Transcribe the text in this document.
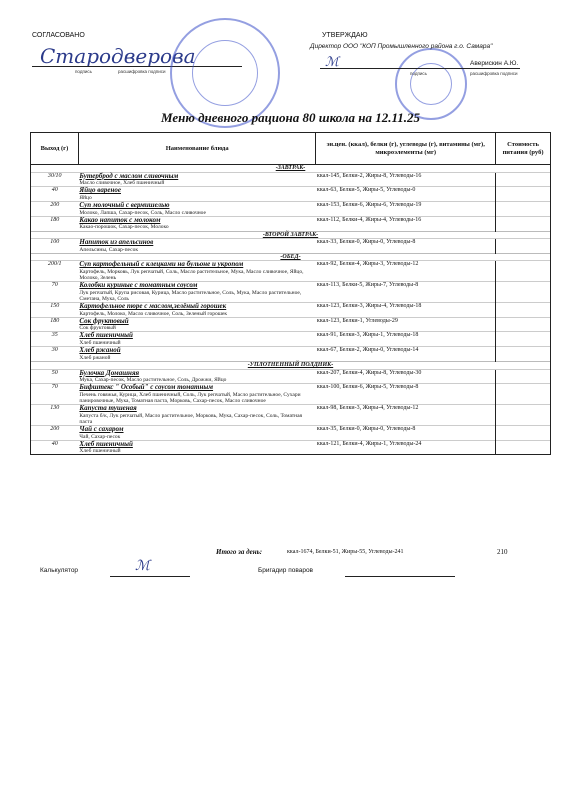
СОГЛАСОВАНО
Стародверова
подпись	расшифровка подписи
УТВЕРЖДАЮ
Директор ООО "КОП Промышленного района г.о. Самара"
ℳ	Аверискин А.Ю.
подпись	расшифровка подписи
Меню дневного рациона 80 школа на 12.11.25
Выход (г)	Наименование блюда	эн.цен. (ккал), белки (г), углеводы (г), витамины (мг), микроэлементы (мг)	Стоимость питания (руб)
-ЗАВТРАК-			
30/10	Бутерброд с маслом сливочным
Масло сливочное, Хлеб пшеничный	ккал-145, Белки-2, Жиры-8, Углеводы-16	
40	Яйцо вареное
Яйцо	ккал-63, Белки-5, Жиры-5, Углеводы-0	
200	Суп молочный с вермишелью
Молоко, Лапша, Сахар-песок, Соль, Масло сливочное	ккал-153, Белки-6, Жиры-6, Углеводы-19	
180	Какао напиток с молоком
Какао-порошок, Сахар-песок, Молоко	ккал-112, Белки-4, Жиры-4, Углеводы-16	
-ВТОРОЙ ЗАВТРАК-			
100	Напиток из апельсинов
Апельсины, Сахар-песок	ккал-33, Белки-0, Жиры-0, Углеводы-8	
-ОБЕД-			
200/1	Суп картофельный с клецками на бульоне и укропом
Картофель, Морковь, Лук репчатый, Соль, Масло растительное, Мука, Масло сливочное, Яйцо, Молоко, Зелень	ккал-92, Белки-4, Жиры-3, Углеводы-12	
70	Колобки куриные с томатным соусом
Лук репчатый, Крупа рисовая, Курица, Масло растительное, Соль, Мука, Масло растительное, Сметана, Мука, Соль	ккал-113, Белки-5, Жиры-7, Углеводы-8	
150	Картофельное пюре с маслом,зелёный горошек
Картофель, Молоко, Масло сливочное, Соль, Зеленый горошек	ккал-123, Белки-3, Жиры-4, Углеводы-18	
180	Сок фруктовый
Сок фруктовый	ккал-123, Белки-1, Углеводы-29	
35	Хлеб пшеничный
Хлеб пшеничный	ккал-91, Белки-3, Жиры-1, Углеводы-18	
30	Хлеб ржаной
Хлеб ржаной	ккал-67, Белки-2, Жиры-0, Углеводы-14	
-УПЛОТНЕННЫЙ ПОЛДНИК-			
50	Булочка Домашняя
Мука, Сахар-песок, Масло растительное, Соль, Дрожжи, Яйцо	ккал-207, Белки-4, Жиры-8, Углеводы-30	
70	Бифштекс " Особый" с соусом томатным
Печень говяжья, Курица, Хлеб пшеничный, Соль, Лук репчатый, Масло растительное, Сухари панировочные, Мука, Томатная паста, Морковь, Сахар-песок, Масло сливочное	ккал-100, Белки-6, Жиры-5, Углеводы-8	
130	Капуста тушеная
Капуста б/к, Лук репчатый, Масло растительное, Морковь, Мука, Сахар-песок, Соль, Томатная паста	ккал-98, Белки-3, Жиры-4, Углеводы-12	
200	Чай с сахаром
Чай, Сахар-песок	ккал-35, Белки-0, Жиры-0, Углеводы-8	
40	Хлеб пшеничный
Хлеб пшеничный	ккал-121, Белки-4, Жиры-1, Углеводы-24	
Итого за день:	ккал-1674, Белки-51, Жиры-55, Углеводы-241	210
Калькулятор	ℳ	Бригадир поваров
